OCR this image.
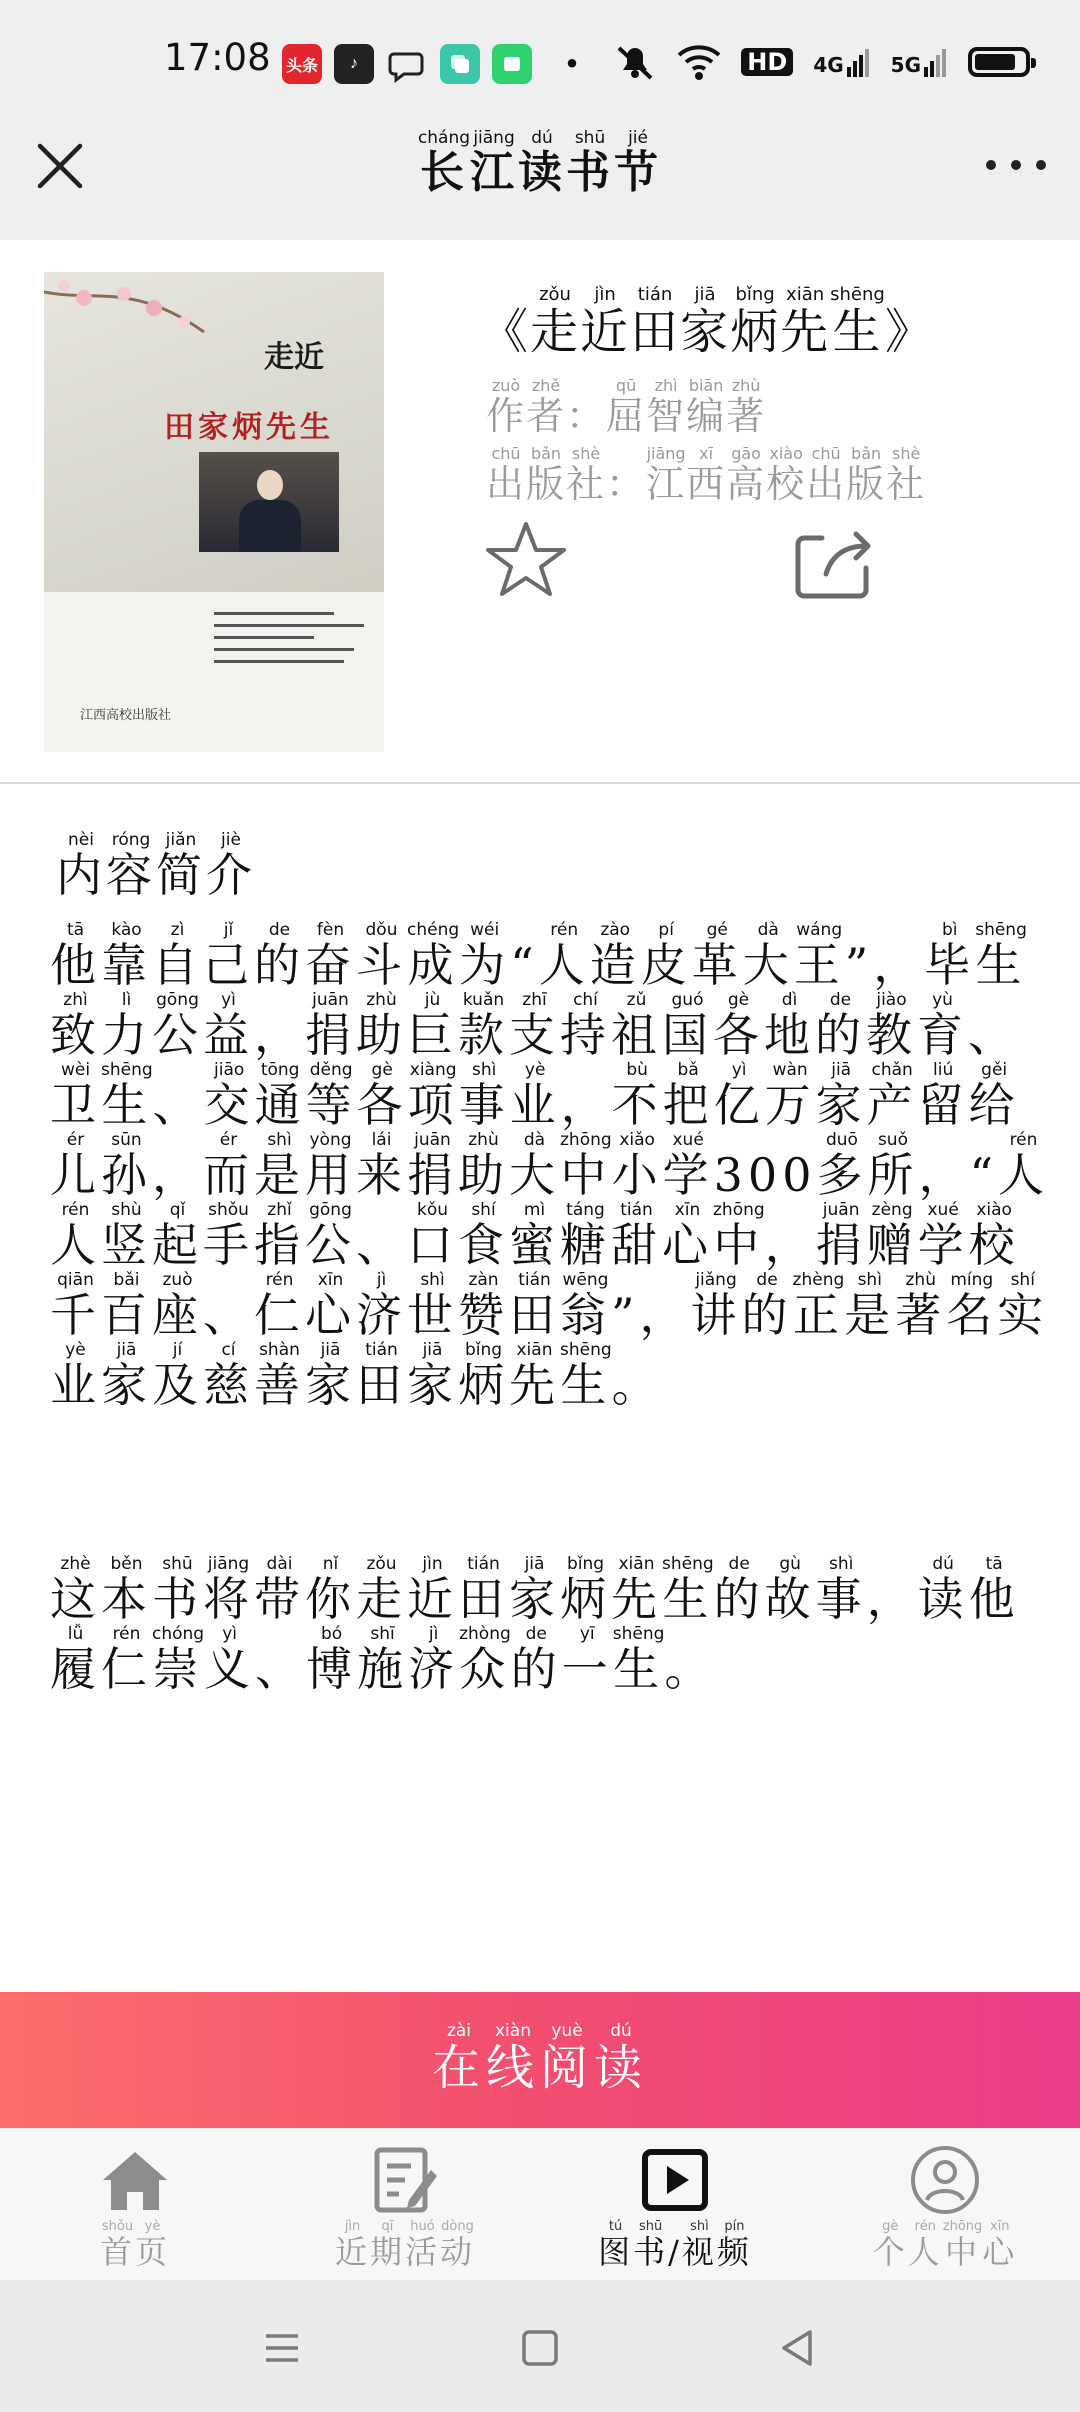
17:08 头条	♪	•	HD	4G 5G
长cháng江jiāng读dú书shū节jié
走近
田家炳先生
江西高校出版社
《走zǒu近jìn田tián家jiā炳bǐng先xiān生shēng》
作zuò者zhě：屈qū智zhì编biān著zhù
出chū版bǎn社shè：江jiāng西xī高gāo校xiào出chū版bǎn社shè
内nèi容róng简jiǎn介jiè
他tā靠kào自zì己jǐ的de奋fèn斗dǒu成chéng为wéi“人rén造zào皮pí革gé大dà王wáng”，毕bì生shēng致zhì力lì公gōng益yì，捐juān助zhù巨jù款kuǎn支zhī持chí祖zǔ国guó各gè地dì的de教jiào育yù、卫wèi生shēng、交jiāo通tōng等děng各gè项xiàng事shì业yè，不bù把bǎ亿yì万wàn家jiā产chǎn留liú给gěi儿ér孙sūn，而ér是shì用yòng来lái捐juān助zhù大dà中zhōng小xiǎo学xué300多duō所suǒ，“人rén人rén竖shù起qǐ手shǒu指zhǐ公gōng、口kǒu食shí蜜mì糖táng甜tián心xīn中zhōng，捐juān赠zèng学xué校xiào千qiān百bǎi座zuò、仁rén心xīn济jì世shì赞zàn田tián翁wēng”，讲jiǎng的de正zhèng是shì著zhù名míng实shí业yè家jiā及jí慈cí善shàn家jiā田tián家jiā炳bǐng先xiān生shēng。
这zhè本běn书shū将jiāng带dài你nǐ走zǒu近jìn田tián家jiā炳bǐng先xiān生shēng的de故gù事shì，读dú他tā履lǚ仁rén崇chóng义yì、博bó施shī济jì众zhòng的de一yī生shēng。
在zài线xiàn阅yuè读dú
首shǒu页yè
近jìn期qī活huó动dòng
图tú书shū/视shì频pín
个gè人rén中zhōng心xīn
